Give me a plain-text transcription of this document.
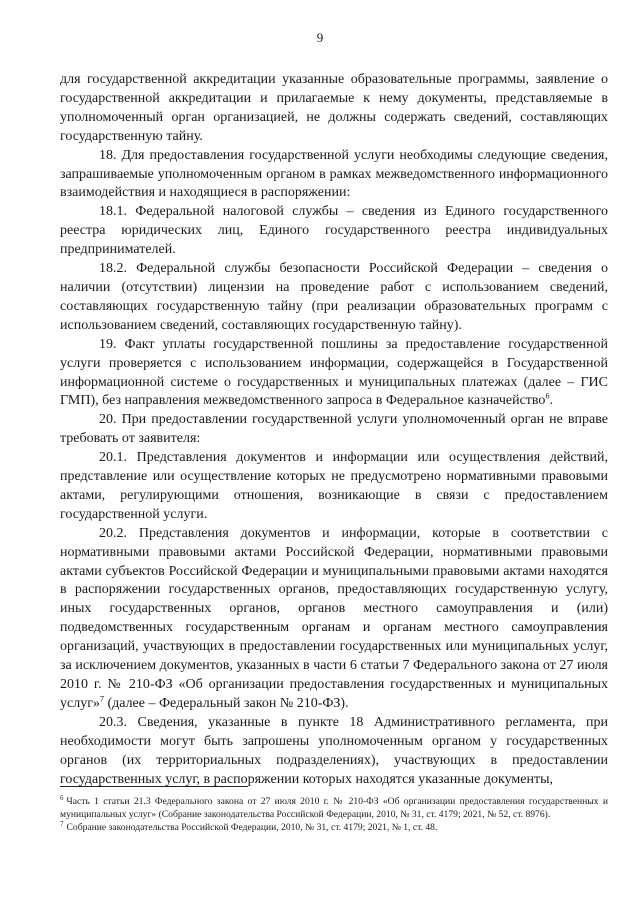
9

для государственной аккредитации указанные образовательные программы, заявление о государственной аккредитации и прилагаемые к нему документы, представляемые в уполномоченный орган организацией, не должны содержать сведений, составляющих государственную тайну.

18. Для предоставления государственной услуги необходимы следующие сведения, запрашиваемые уполномоченным органом в рамках межведомственного информационного взаимодействия и находящиеся в распоряжении:

18.1. Федеральной налоговой службы – сведения из Единого государственного реестра юридических лиц, Единого государственного реестра индивидуальных предпринимателей.

18.2. Федеральной службы безопасности Российской Федерации – сведения о наличии (отсутствии) лицензии на проведение работ с использованием сведений, составляющих государственную тайну (при реализации образовательных программ с использованием сведений, составляющих государственную тайну).

19. Факт уплаты государственной пошлины за предоставление государственной услуги проверяется с использованием информации, содержащейся в Государственной информационной системе о государственных и муниципальных платежах (далее – ГИС ГМП), без направления межведомственного запроса в Федеральное казначейство$^6$.

20. При предоставлении государственной услуги уполномоченный орган не вправе требовать от заявителя:

20.1. Представления документов и информации или осуществления действий, представление или осуществление которых не предусмотрено нормативными правовыми актами, регулирующими отношения, возникающие в связи с предоставлением государственной услуги.

20.2. Представления документов и информации, которые в соответствии с нормативными правовыми актами Российской Федерации, нормативными правовыми актами субъектов Российской Федерации и муниципальными правовыми актами находятся в распоряжении государственных органов, предоставляющих государственную услугу, иных государственных органов, органов местного самоуправления и (или) подведомственных государственным органам и органам местного самоуправления организаций, участвующих в предоставлении государственных или муниципальных услуг, за исключением документов, указанных в части 6 статьи 7 Федерального закона от 27 июля 2010 г. № 210-ФЗ «Об организации предоставления государственных и муниципальных услуг»$^7$ (далее – Федеральный закон № 210-ФЗ).

20.3. Сведения, указанные в пункте 18 Административного регламента, при необходимости могут быть запрошены уполномоченным органом у государственных органов (их территориальных подразделениях), участвующих в предоставлении государственных услуг, в распоряжении которых находятся указанные документы,

$^6$ Часть 1 статьи 21.3 Федерального закона от 27 июля 2010 г. № 210-ФЗ «Об организации предоставления государственных и муниципальных услуг» (Собрание законодательства Российской Федерации, 2010, № 31, ст. 4179; 2021, № 52, ст. 8976).

$^7$ Собрание законодательства Российской Федерации, 2010, № 31, ст. 4179; 2021, № 1, ст. 48.
